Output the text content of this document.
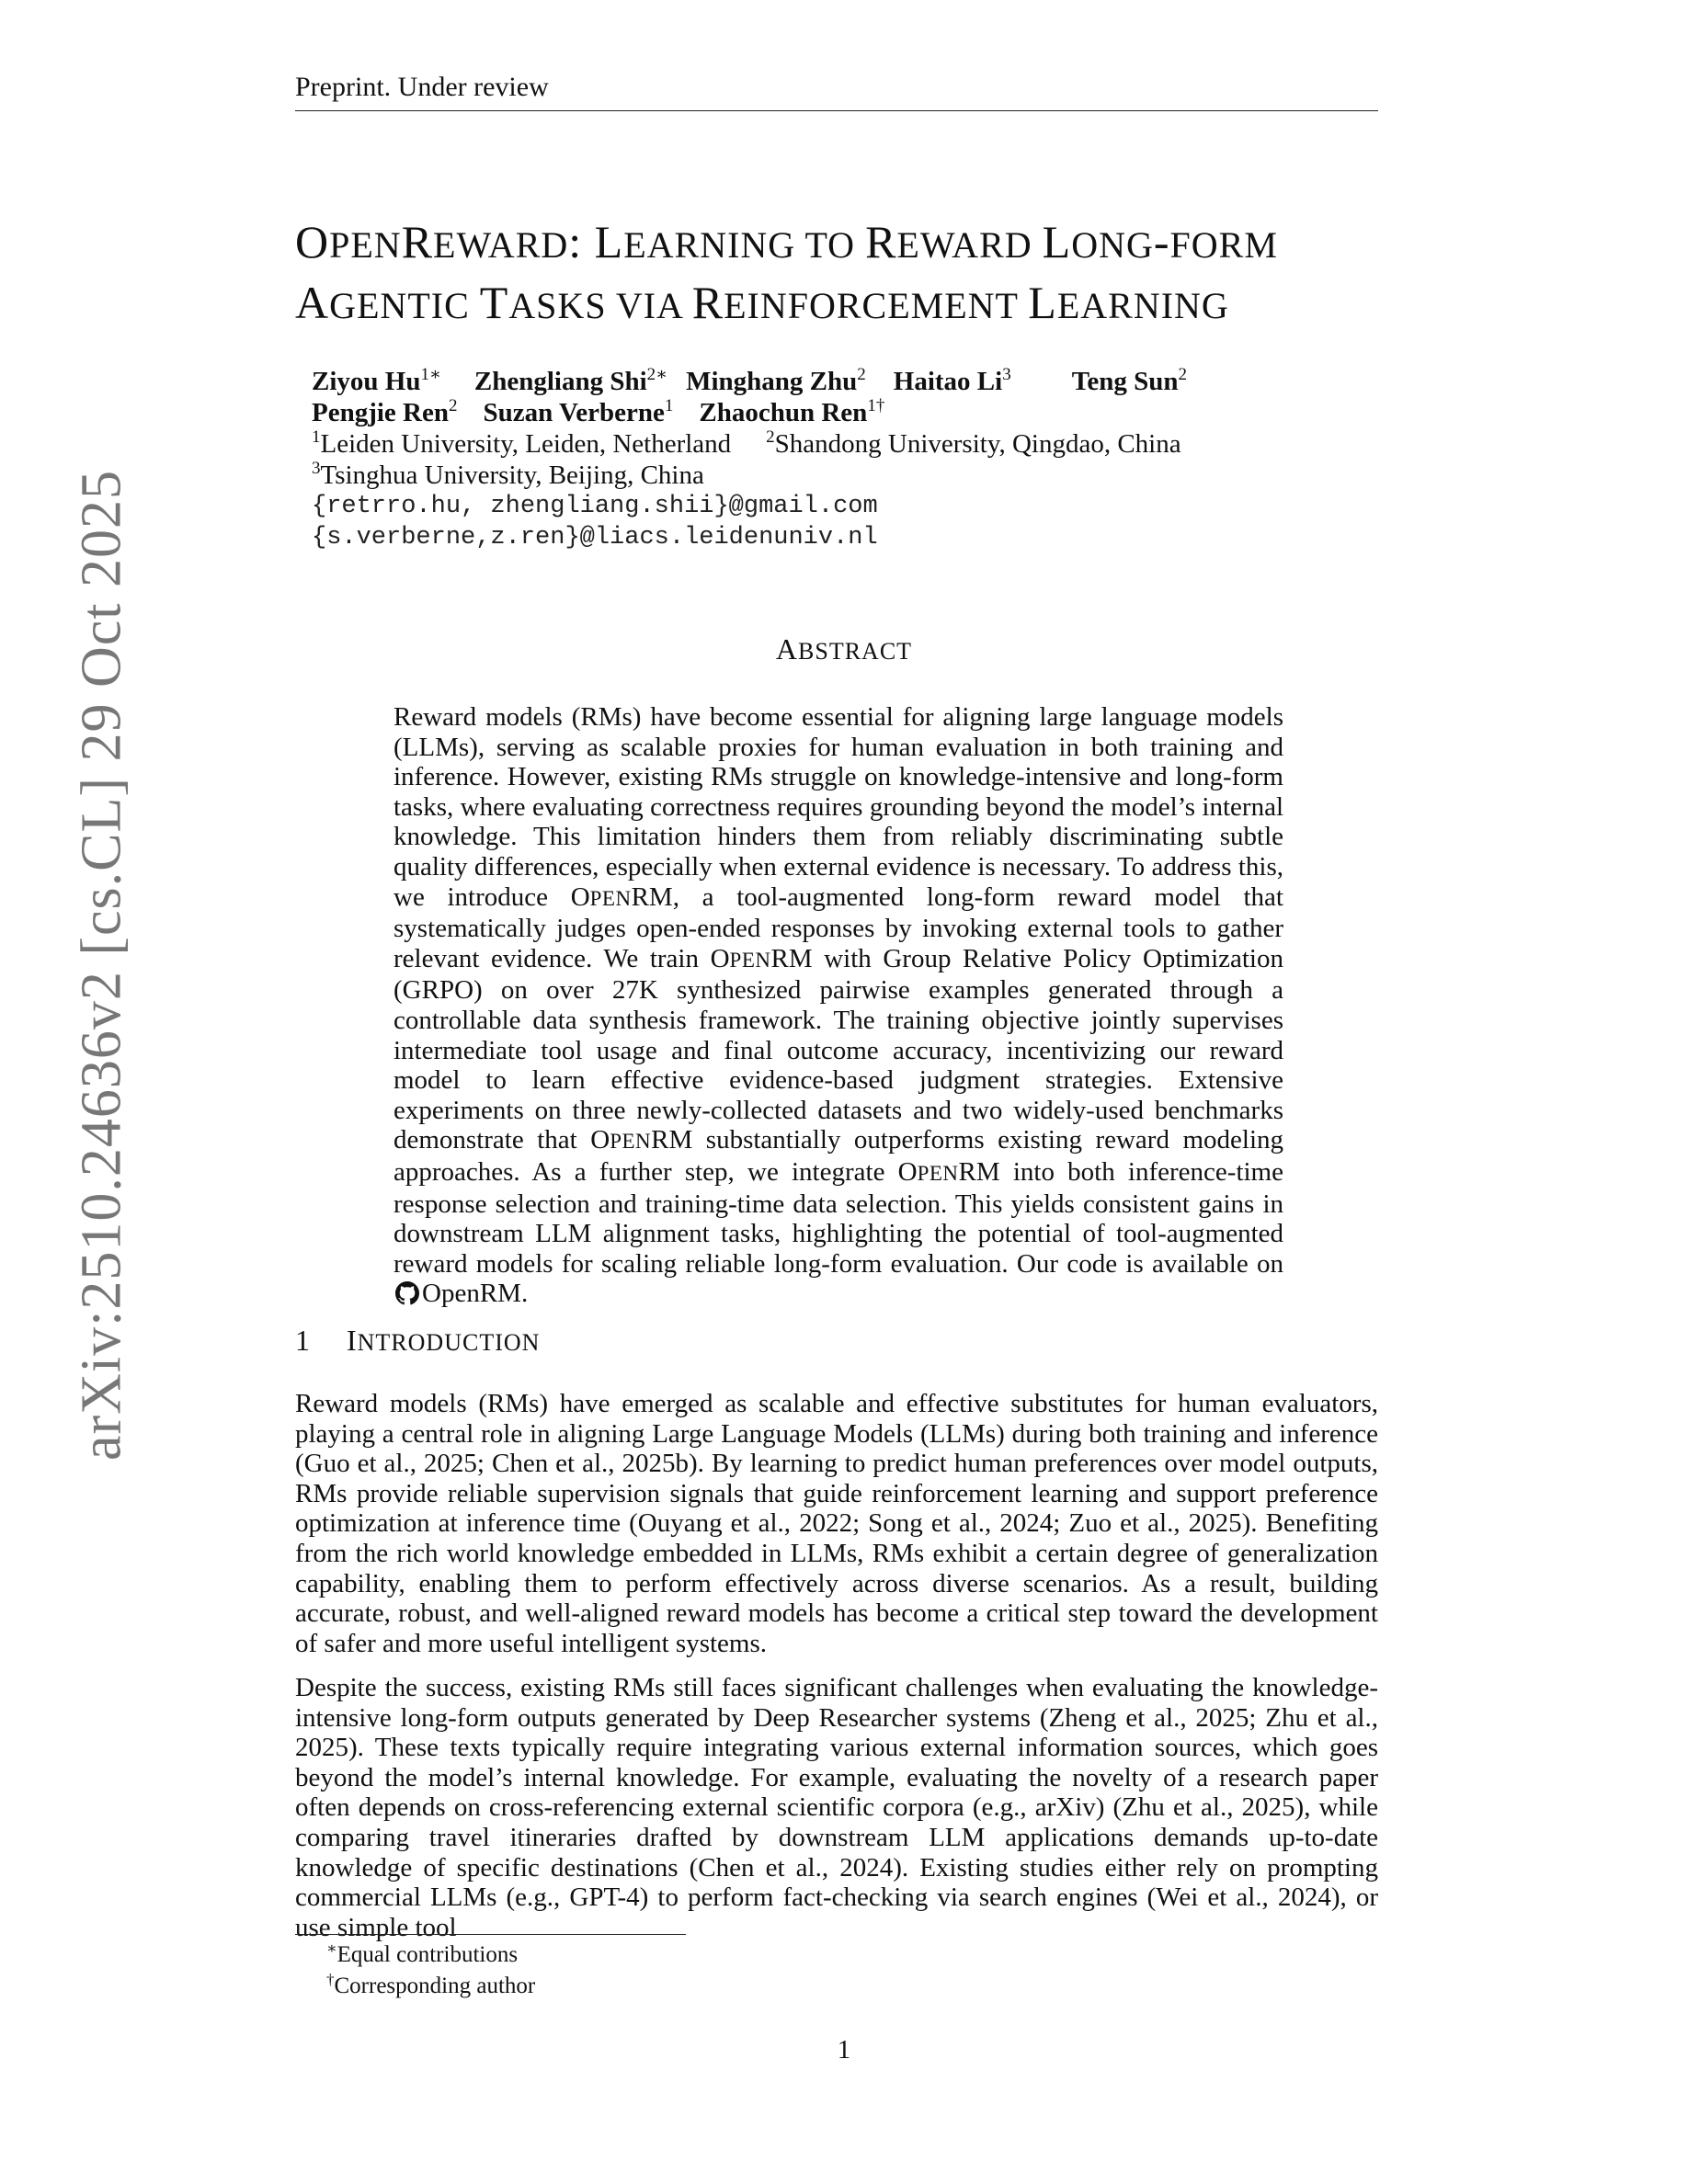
Preprint. Under review
arXiv:2510.24636v2 [cs.CL] 29 Oct 2025
OPENREWARD: LEARNING TO REWARD LONG-FORM
AGENTIC TASKS VIA REINFORCEMENT LEARNING
Ziyou $Hu^{1∗}$ Zhengliang Shi$^{2∗}$ Minghang Zhu$^2$ Haitao Li$^3$ Teng Sun$^2$
Pengjie Ren$^2$ Suzan Verberne$^1$ Zhaochun Ren$^{1\dagger}$
$^1$Leiden University, Leiden, Netherland $^2$Shandong University, Qingdao, China
$^3$Tsinghua University, Beijing, China
{retrro.hu, zhengliang.shii}@gmail.com
{s.verberne,z.ren}@liacs.leidenuniv.nl
ABSTRACT
Reward models (RMs) have become essential for aligning large language models (LLMs), serving as scalable proxies for human evaluation in both training and inference. However, existing RMs struggle on knowledge-intensive and long-form tasks, where evaluating correctness requires grounding beyond the model’s internal knowledge. This limitation hinders them from reliably discriminating subtle quality differences, especially when external evidence is necessary. To address this, we introduce OPENRM, a tool-augmented long-form reward model that systematically judges open-ended responses by invoking external tools to gather relevant evidence. We train OPENRM with Group Relative Policy Optimization (GRPO) on over 27K synthesized pairwise examples generated through a controllable data synthesis framework. The training objective jointly supervises intermediate tool usage and final outcome accuracy, incentivizing our reward model to learn effective evidence-based judgment strategies. Extensive experiments on three newly-collected datasets and two widely-used benchmarks demonstrate that OPENRM substantially outperforms existing reward modeling approaches. As a further step, we integrate OPENRM into both inference-time response selection and training-time data selection. This yields consistent gains in downstream LLM alignment tasks, highlighting the potential of tool-augmented reward models for scaling reliable long-form evaluation. Our code is available on OpenRM.
1 INTRODUCTION
Reward models (RMs) have emerged as scalable and effective substitutes for human evaluators, playing a central role in aligning Large Language Models (LLMs) during both training and inference (Guo et al., 2025; Chen et al., 2025b). By learning to predict human preferences over model outputs, RMs provide reliable supervision signals that guide reinforcement learning and support preference optimization at inference time (Ouyang et al., 2022; Song et al., 2024; Zuo et al., 2025). Benefiting from the rich world knowledge embedded in LLMs, RMs exhibit a certain degree of generalization capability, enabling them to perform effectively across diverse scenarios. As a result, building accurate, robust, and well-aligned reward models has become a critical step toward the development of safer and more useful intelligent systems.
Despite the success, existing RMs still faces significant challenges when evaluating the knowledge-intensive long-form outputs generated by Deep Researcher systems (Zheng et al., 2025; Zhu et al., 2025). These texts typically require integrating various external information sources, which goes beyond the model’s internal knowledge. For example, evaluating the novelty of a research paper often depends on cross-referencing external scientific corpora (e.g., arXiv) (Zhu et al., 2025), while comparing travel itineraries drafted by downstream LLM applications demands up-to-date knowledge of specific destinations (Chen et al., 2024). Existing studies either rely on prompting commercial LLMs (e.g., GPT-4) to perform fact-checking via search engines (Wei et al., 2024), or use simple tool
∗Equal contributions
†Corresponding author
1
